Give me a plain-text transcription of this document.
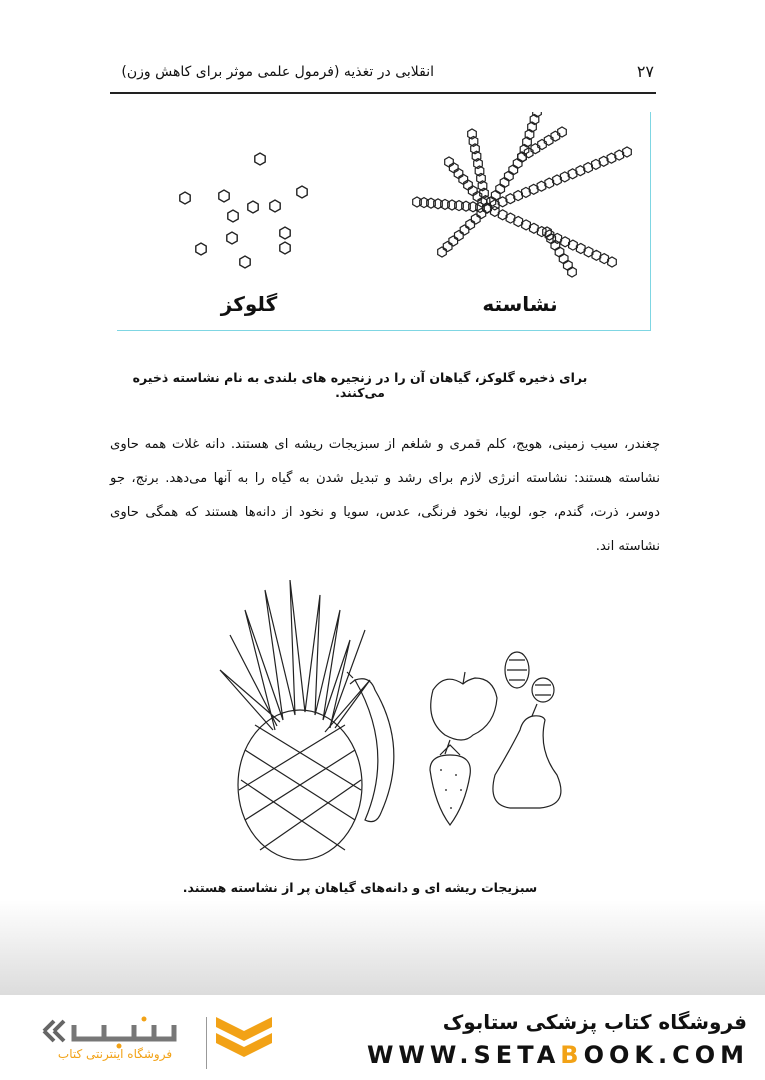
۲۷
انقلابی در تغذیه (فرمول علمی موثر برای کاهش وزن)
نشاسته
گلوکز
برای ذخیره گلوکز، گیاهان آن را در زنجیره های بلندی به نام نشاسته ذخیره می‌کنند.

چغندر، سیب زمینی، هویج، کلم قمری و شلغم از سبزیجات ریشه ای هستند. دانه غلات همه حاوی نشاسته هستند: نشاسته انرژی لازم برای رشد و تبدیل شدن به گیاه را به آنها می‌دهد. برنج، جو دوسر، ذرت، گندم، جو، لوبیا، نخود فرنگی، عدس، سویا و نخود از دانه‌ها هستند که همگی حاوی نشاسته اند.

سبزیجات ریشه ای و دانه‌های گیاهان پر از نشاسته هستند.
فروشگاه کتاب پزشکی ستابوک
WWW.SETABOOK.COM
فروشگاه اینترنتی کتاب
